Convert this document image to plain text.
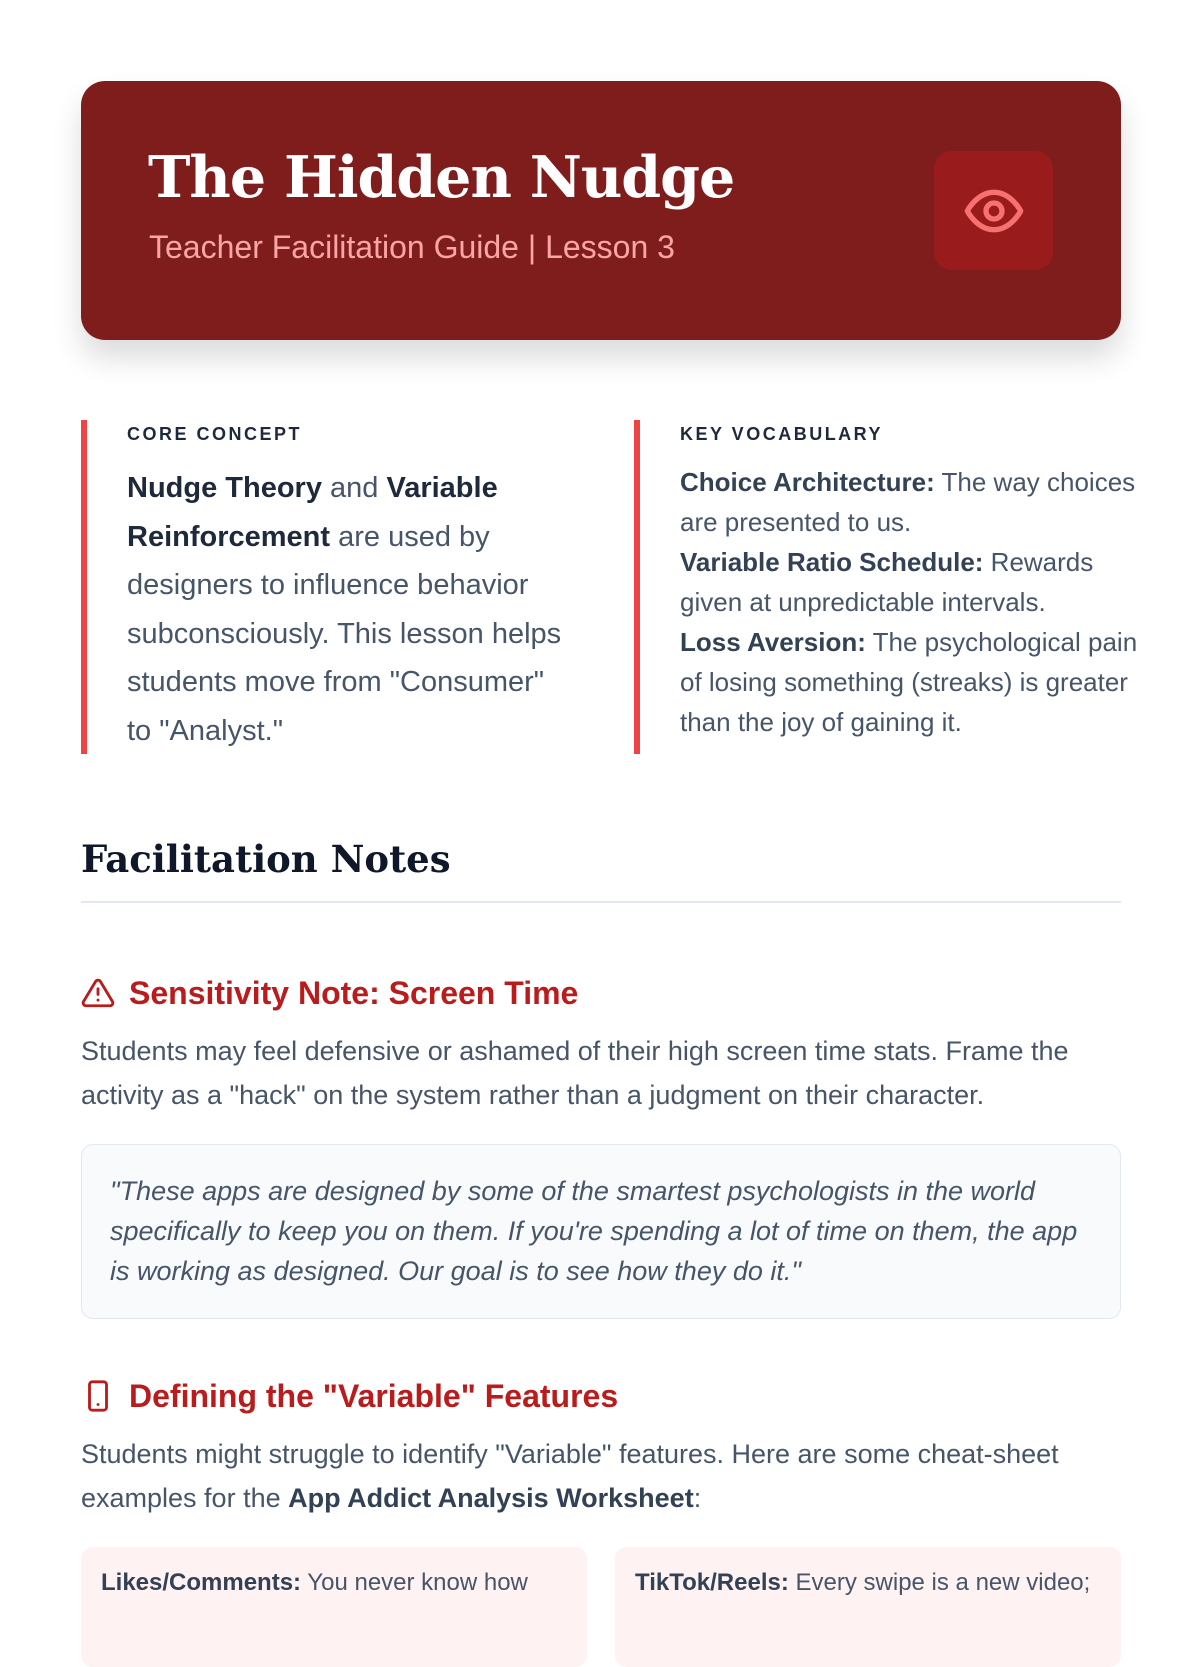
The Hidden Nudge
Teacher Facilitation Guide | Lesson 3
CORE CONCEPT
Nudge Theory and Variable Reinforcement are used by designers to influence behavior subconsciously. This lesson helps students move from "Consumer" to "Analyst."
KEY VOCABULARY
Choice Architecture: The way choices are presented to us.
Variable Ratio Schedule: Rewards given at unpredictable intervals.
Loss Aversion: The psychological pain of losing something (streaks) is greater than the joy of gaining it.
Facilitation Notes
Sensitivity Note: Screen Time
Students may feel defensive or ashamed of their high screen time stats. Frame the activity as a "hack" on the system rather than a judgment on their character.
"These apps are designed by some of the smartest psychologists in the world specifically to keep you on them. If you're spending a lot of time on them, the app is working as designed. Our goal is to see how they do it."
Defining the "Variable" Features
Students might struggle to identify "Variable" features. Here are some cheat-sheet examples for the App Addict Analysis Worksheet:
Likes/Comments: You never know how	TikTok/Reels: Every swipe is a new video;
